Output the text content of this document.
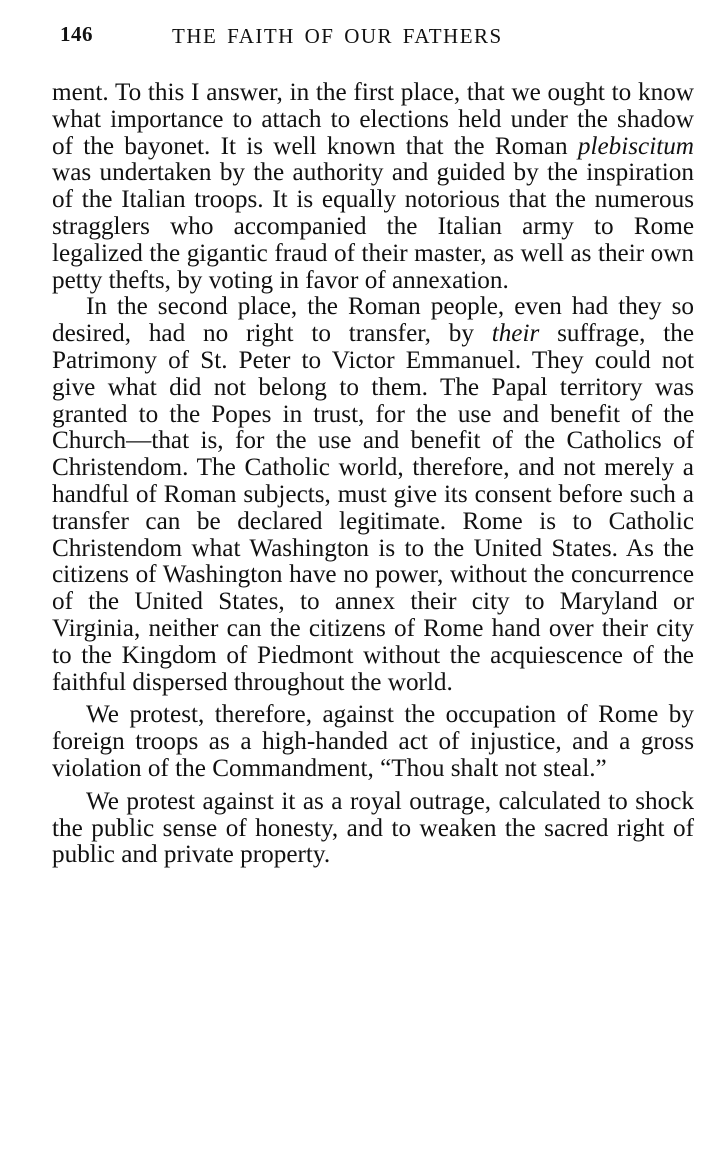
146	THE FAITH OF OUR FATHERS

ment. To this I answer, in the first place, that we ought to know what importance to attach to elections held under the shadow of the bayonet. It is well known that the Roman plebiscitum was undertaken by the authority and guided by the inspiration of the Italian troops. It is equally notorious that the numerous stragglers who accompanied the Italian army to Rome legalized the gigantic fraud of their master, as well as their own petty thefts, by voting in favor of annexation.

In the second place, the Roman people, even had they so desired, had no right to transfer, by their suffrage, the Patrimony of St. Peter to Victor Emmanuel. They could not give what did not belong to them. The Papal territory was granted to the Popes in trust, for the use and benefit of the Church—that is, for the use and benefit of the Catholics of Christendom. The Catholic world, therefore, and not merely a handful of Roman subjects, must give its consent before such a transfer can be declared legitimate. Rome is to Catholic Christendom what Washington is to the United States. As the citizens of Washington have no power, without the concurrence of the United States, to annex their city to Maryland or Virginia, neither can the citizens of Rome hand over their city to the Kingdom of Piedmont without the acquiescence of the faithful dispersed throughout the world.

We protest, therefore, against the occupation of Rome by foreign troops as a high-handed act of injustice, and a gross violation of the Commandment, “Thou shalt not steal.”

We protest against it as a royal outrage, calculated to shock the public sense of honesty, and to weaken the sacred right of public and private property.
